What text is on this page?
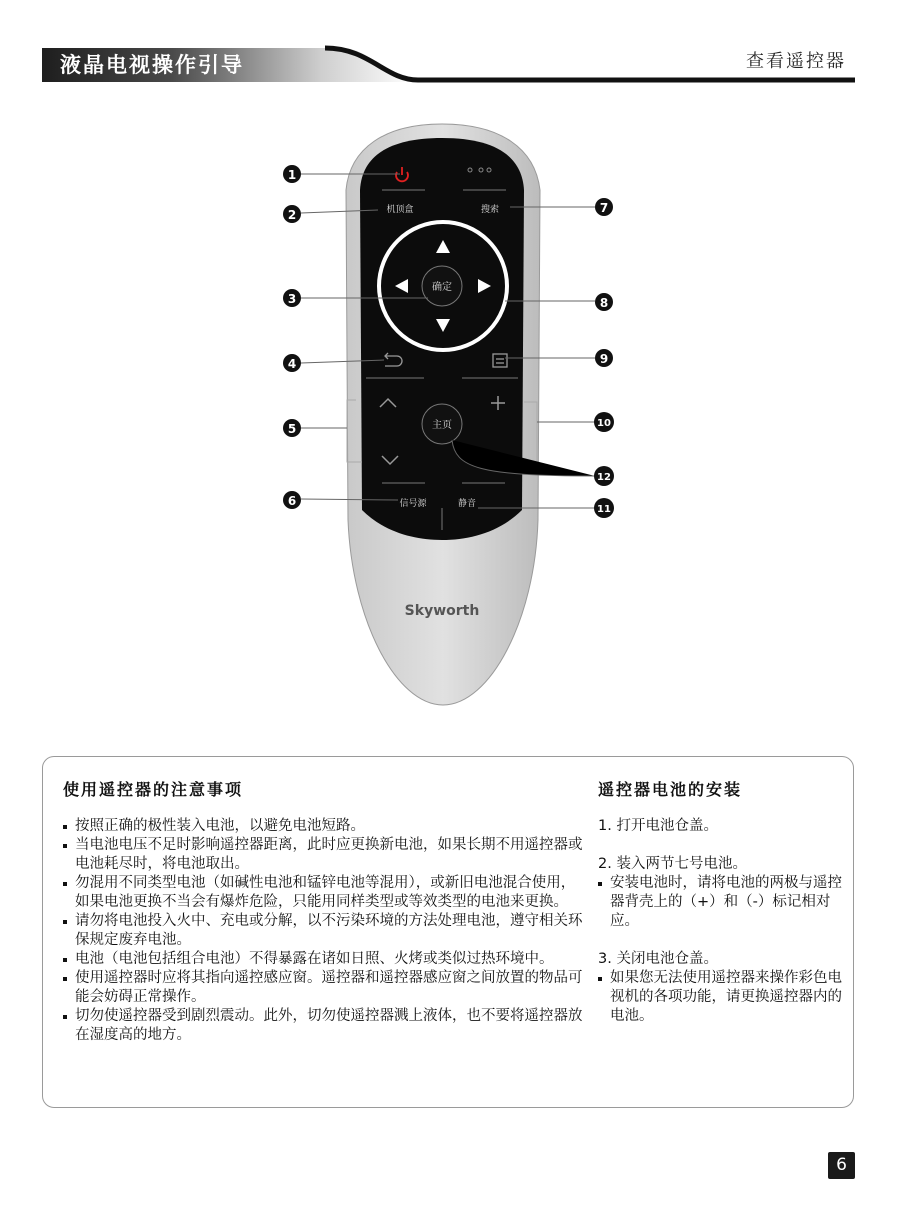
液晶电视操作引导	查看遥控器
机顶盒	搜索
确定
主页
信号源	静音
Skyworth
1
2
3
4
5
6
7
8
9
10
11
12
使用遥控器的注意事项
按照正确的极性装入电池，以避免电池短路。
当电池电压不足时影响遥控器距离，此时应更换新电池，如果长期不用遥控器或电池耗尽时，将电池取出。
勿混用不同类型电池（如碱性电池和锰锌电池等混用），或新旧电池混合使用，如果电池更换不当会有爆炸危险，只能用同样类型或等效类型的电池来更换。
请勿将电池投入火中、充电或分解，以不污染环境的方法处理电池，遵守相关环保规定废弃电池。
电池（电池包括组合电池）不得暴露在诸如日照、火烤或类似过热环境中。
使用遥控器时应将其指向遥控感应窗。遥控器和遥控器感应窗之间放置的物品可能会妨碍正常操作。
切勿使遥控器受到剧烈震动。此外，切勿使遥控器溅上液体，也不要将遥控器放在湿度高的地方。
遥控器电池的安装

1. 打开电池仓盖。

2. 装入两节七号电池。

安装电池时，请将电池的两极与遥控器背壳上的（+）和（-）标记相对应。

3. 关闭电池仓盖。

如果您无法使用遥控器来操作彩色电视机的各项功能，请更换遥控器内的电池。
6
